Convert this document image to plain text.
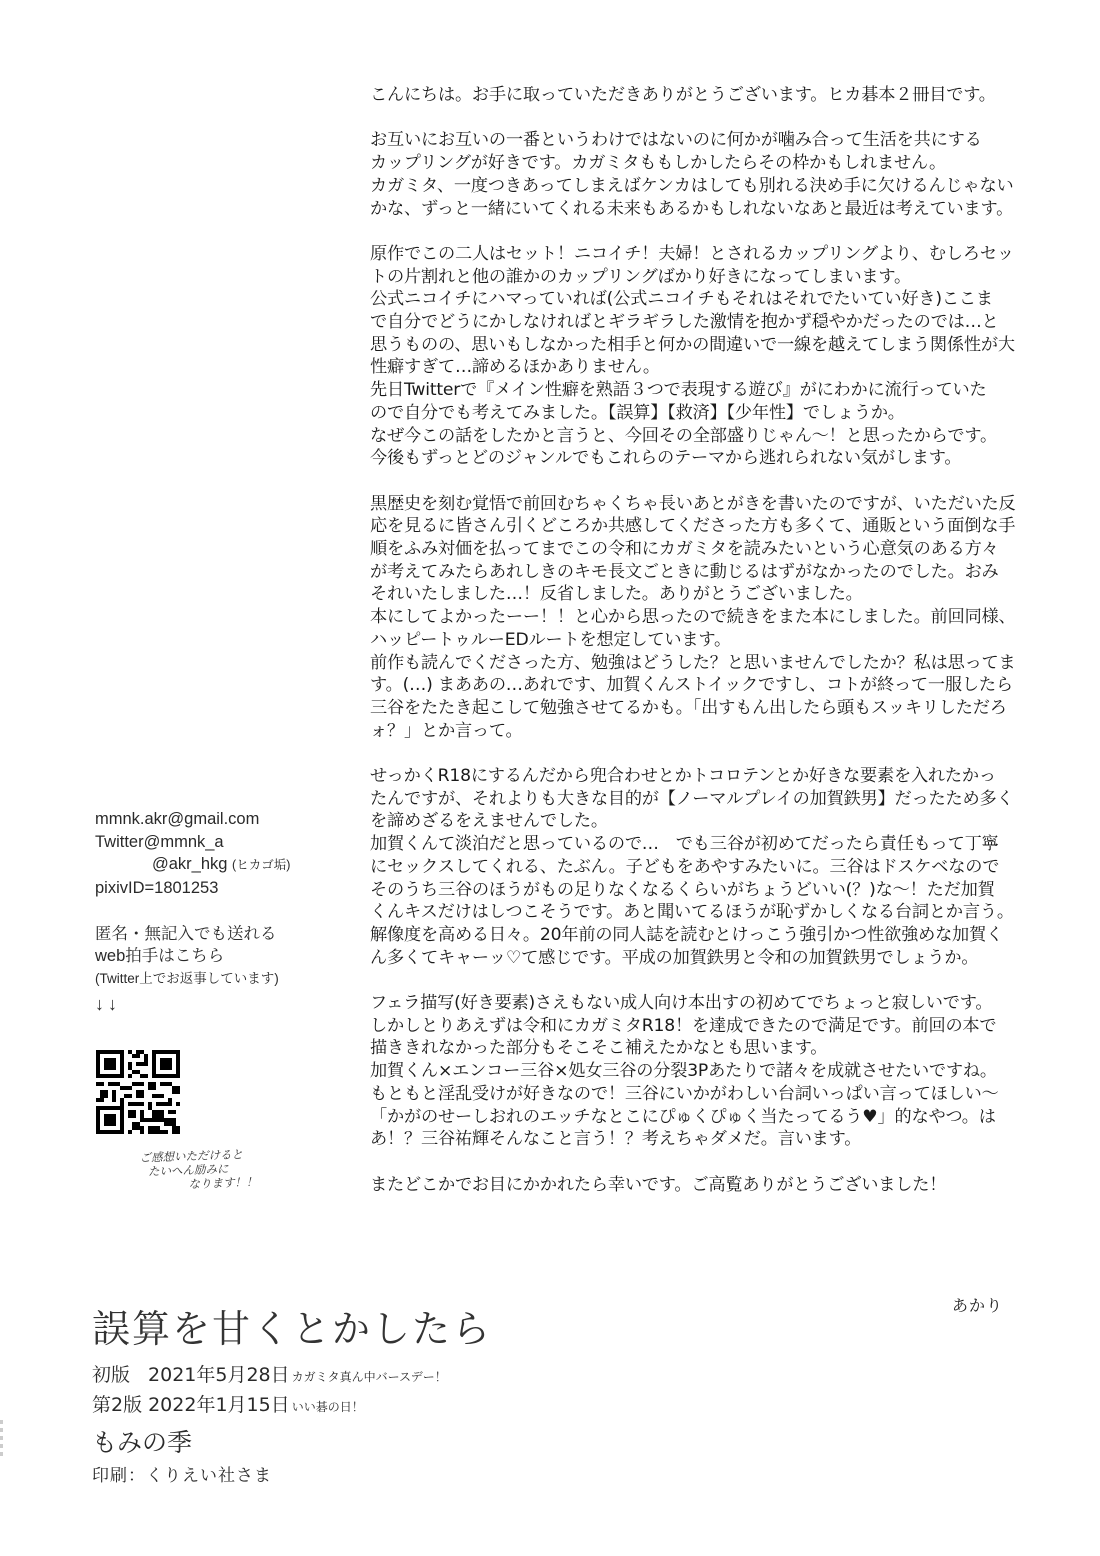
こんにちは。お手に取っていただきありがとうございます。ヒカ碁本２冊目です。
お互いにお互いの一番というわけではないのに何かが噛み合って生活を共にする
カップリングが好きです。カガミタももしかしたらその枠かもしれません。
カガミタ、一度つきあってしまえばケンカはしても別れる決め手に欠けるんじゃない
かな、ずっと一緒にいてくれる未来もあるかもしれないなあと最近は考えています。
原作でこの二人はセット！ニコイチ！夫婦！とされるカップリングより、むしろセッ
トの片割れと他の誰かのカップリングばかり好きになってしまいます。
公式ニコイチにハマっていれば(公式ニコイチもそれはそれでたいてい好き)ここま
で自分でどうにかしなければとギラギラした激情を抱かず穏やかだったのでは…と
思うものの、思いもしなかった相手と何かの間違いで一線を越えてしまう関係性が大
性癖すぎて…諦めるほかありません。
先日Twitterで『メイン性癖を熟語３つで表現する遊び』がにわかに流行っていた
ので自分でも考えてみました。【誤算】【救済】【少年性】でしょうか。
なぜ今この話をしたかと言うと、今回その全部盛りじゃん〜！と思ったからです。
今後もずっとどのジャンルでもこれらのテーマから逃れられない気がします。
黒歴史を刻む覚悟で前回むちゃくちゃ長いあとがきを書いたのですが、いただいた反
応を見るに皆さん引くどころか共感してくださった方も多くて、通販という面倒な手
順をふみ対価を払ってまでこの令和にカガミタを読みたいという心意気のある方々
が考えてみたらあれしきのキモ長文ごときに動じるはずがなかったのでした。おみ
それいたしました…！反省しました。ありがとうございました。
本にしてよかったーー！！と心から思ったので続きをまた本にしました。前回同様、
ハッピートゥルーEDルートを想定しています。
前作も読んでくださった方、勉強はどうした？と思いませんでしたか？私は思ってま
す。(…) まああの…あれです、加賀くんストイックですし、コトが終って一服したら
三谷をたたき起こして勉強させてるかも。「出すもん出したら頭もスッキリしただろ
ォ？」とか言って。
せっかくR18にするんだから兜合わせとかトコロテンとか好きな要素を入れたかっ
たんですが、それよりも大きな目的が【ノーマルプレイの加賀鉄男】だったため多く
を諦めざるをえませんでした。
加賀くんて淡泊だと思っているので…　でも三谷が初めてだったら責任もって丁寧
にセックスしてくれる、たぶん。子どもをあやすみたいに。三谷はドスケベなので
そのうち三谷のほうがもの足りなくなるくらいがちょうどいい(？)な〜！ただ加賀
くんキスだけはしつこそうです。あと聞いてるほうが恥ずかしくなる台詞とか言う。
解像度を高める日々。20年前の同人誌を読むとけっこう強引かつ性欲強めな加賀く
ん多くてキャーッ♡て感じです。平成の加賀鉄男と令和の加賀鉄男でしょうか。
フェラ描写(好き要素)さえもない成人向け本出すの初めてでちょっと寂しいです。
しかしとりあえずは令和にカガミタR18！を達成できたので満足です。前回の本で
描ききれなかった部分もそこそこ補えたかなとも思います。
加賀くん×エンコー三谷×処女三谷の分裂3Pあたりで諸々を成就させたいですね。
もともと淫乱受けが好きなので！三谷にいかがわしい台詞いっぱい言ってほしい〜
「かがのせーしおれのエッチなとこにぴゅくぴゅく当たってるう♥」的なやつ。は
あ！？三谷祐輝そんなこと言う！？考えちゃダメだ。言います。
またどこかでお目にかかれたら幸いです。ご高覧ありがとうございました！
あかり
mmnk.akr@gmail.com
Twitter@mmnk_a
@akr_hkg (ヒカゴ垢)
pixivID=1801253
匿名・無記入でも送れる
web拍手はこちら
(Twitter上でお返事しています)
↓↓
ご感想いただけると
たいへん励みに
なります！！
誤算を甘くとかしたら
初版 2021年5月28日 カガミタ真ん中バースデー！
第2版 2022年1月15日 いい碁の日！
もみの季
印刷：くりえい社さま
